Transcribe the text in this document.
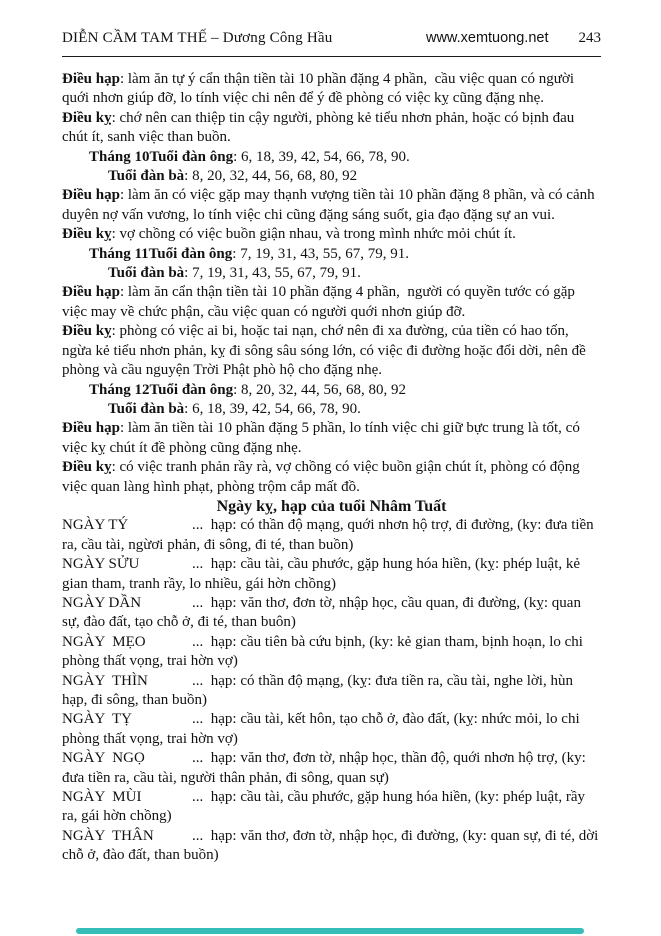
DIỄN CẦM TAM THẾ – Dương Công Hầu	www.xemtuong.net 243

Điều hạp: làm ăn tự ý cẩn thận tiền tài 10 phần đặng 4 phần,  cầu việc quan có người quới nhơn giúp đỡ, lo tính việc chi nên để ý đề phòng có việc kỵ cũng đặng nhẹ.

Điều kỵ: chớ nên can thiệp tin cậy người, phòng kẻ tiểu nhơn phản, hoặc có bịnh đau chút ít, sanh việc than buồn.

Tháng 10Tuổi đàn ông: 6, 18, 39, 42, 54, 66, 78, 90.

Tuổi đàn bà: 8, 20, 32, 44, 56, 68, 80, 92

Điều hạp: làm ăn có việc gặp may thạnh vượng tiền tài 10 phần đặng 8 phần, và có cảnh duyên nợ vấn vương, lo tính việc chi cũng đặng sáng suốt, gia đạo đặng sự an vui.

Điều kỵ: vợ chồng có việc buồn giận nhau, và trong mình nhức mỏi chút ít.

Tháng 11Tuổi đàn ông: 7, 19, 31, 43, 55, 67, 79, 91.

Tuổi đàn bà: 7, 19, 31, 43, 55, 67, 79, 91.

Điều hạp: làm ăn cẩn thận tiền tài 10 phần đặng 4 phần,  người có quyền tước có gặp việc may về chức phận, cầu việc quan có người quới nhơn giúp đỡ.

Điều kỵ: phòng có việc ai bi, hoặc tai nạn, chớ nên đi xa đường, của tiền có hao tốn, ngừa kẻ tiểu nhơn phản, kỵ đi sông sâu sóng lớn, có việc đi đường hoặc đổi dời, nên đề phòng và cầu nguyện Trời Phật phò hộ cho đặng nhẹ.

Tháng 12Tuổi đàn ông: 8, 20, 32, 44, 56, 68, 80, 92

Tuổi đàn bà: 6, 18, 39, 42, 54, 66, 78, 90.

Điều hạp: làm ăn tiền tài 10 phần đặng 5 phần, lo tính việc chi giữ bực trung là tốt, có việc kỵ chút ít đề phòng cũng đặng nhẹ.

Điều kỵ: có việc tranh phản rầy rà, vợ chồng có việc buồn giận chút ít, phòng có động việc quan làng hình phạt, phòng trộm cắp mất đồ.

Ngày kỵ, hạp của tuổi Nhâm Tuất

NGÀY TÝ	...  hạp: có thần độ mạng, quới nhơn hộ trợ, đi đường, (ky: đưa tiền ra, cầu tài, ngừơi phản, đi sông, đi té, than buồn)

NGÀY SỬU	...  hạp: cầu tài, cầu phước, gặp hung hóa hiền, (kỵ: phép luật, kẻ gian tham, tranh rầy, lo nhiều, gái hờn chồng)

NGÀY DẦN	...  hạp: văn thơ, đơn tờ, nhập học, cầu quan, đi đường, (kỵ: quan sự, đào đất, tạo chỗ ở, đi té, than buôn)

NGÀY  MẸO	...  hạp: cầu tiên bà cứu bịnh, (ky: kẻ gian tham, bịnh hoạn, lo chi phòng thất vọng, trai hờn vợ)

NGÀY  THÌN	...  hạp: có thần độ mạng, (kỵ: đưa tiền ra, cầu tài, nghe lời, hùn hạp, đi sông, than buồn)

NGÀY  TỴ	...  hạp: cầu tài, kết hôn, tạo chỗ ở, đào đất, (kỵ: nhức mỏi, lo chi phòng thất vọng, trai hờn vợ)

NGÀY  NGỌ	...  hạp: văn thơ, đơn tờ, nhập học, thần độ, quới nhơn hộ trợ, (ky: đưa tiền ra, cầu tài, người thân phản, đi sông, quan sự)

NGÀY  MÙI	...  hạp: cầu tài, cầu phước, gặp hung hóa hiền, (ky: phép luật, rầy ra, gái hờn chồng)

NGÀY  THÂN	...  hạp: văn thơ, đơn tờ, nhập học, đi đường, (ky: quan sự, đi té, dời chỗ ở, đào đất, than buồn)
